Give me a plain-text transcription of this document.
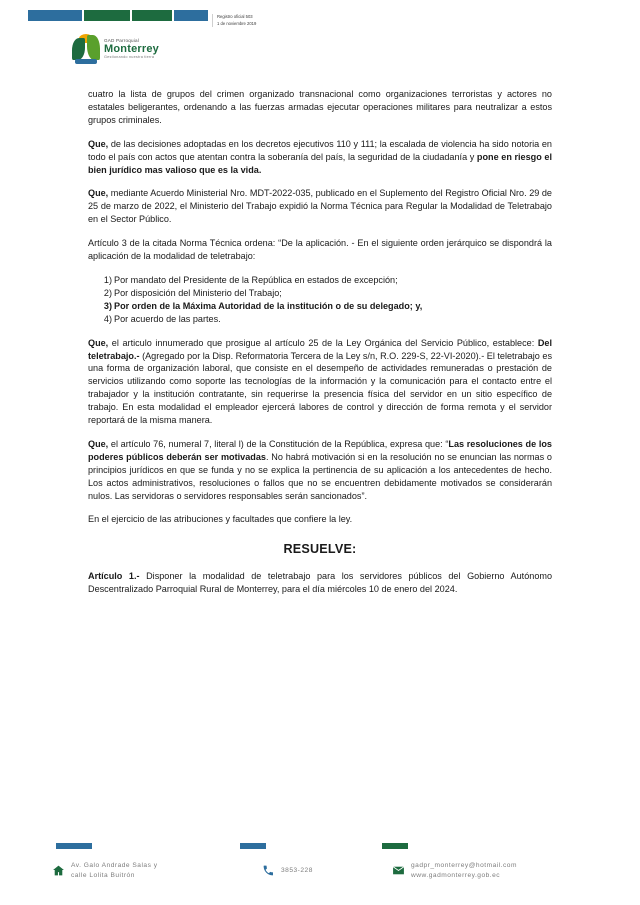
Registro oficial 503
1 de noviembre 2019
GAD Parroquial
Monterrey
Gestionando nuestra tierra

cuatro la lista de grupos del crimen organizado transnacional como organizaciones terroristas y actores no estatales beligerantes, ordenando a las fuerzas armadas ejecutar operaciones militares para neutralizar a estos grupos criminales.

Que, de las decisiones adoptadas en los decretos ejecutivos 110 y 111; la escalada de violencia ha sido notoria en todo el país con actos que atentan contra la soberanía del país, la seguridad de la ciudadanía y pone en riesgo el bien jurídico mas valioso que es la vida.

Que, mediante Acuerdo Ministerial Nro. MDT-2022-035, publicado en el Suplemento del Registro Oficial Nro. 29 de 25 de marzo de 2022, el Ministerio del Trabajo expidió la Norma Técnica para Regular la Modalidad de Teletrabajo en el Sector Público.

Artículo 3 de la citada Norma Técnica ordena: “De la aplicación. - En el siguiente orden jerárquico se dispondrá la aplicación de la modalidad de teletrabajo:

1) Por mandato del Presidente de la República en estados de excepción;
2) Por disposición del Ministerio del Trabajo;
3) Por orden de la Máxima Autoridad de la institución o de su delegado; y,
4) Por acuerdo de las partes.

Que, el articulo innumerado que prosigue al artículo 25 de la Ley Orgánica del Servicio Público, establece: Del teletrabajo.- (Agregado por la Disp. Reformatoria Tercera de la Ley s/n, R.O. 229-S, 22-VI-2020).- El teletrabajo es una forma de organización laboral, que consiste en el desempeño de actividades remuneradas o prestación de servicios utilizando como soporte las tecnologías de la información y la comunicación para el contacto entre el trabajador y la institución contratante, sin requerirse la presencia física del servidor en un sitio específico de trabajo. En esta modalidad el empleador ejercerá labores de control y dirección de forma remota y el servidor reportará de la misma manera.

Que, el artículo 76, numeral 7, literal l) de la Constitución de la República, expresa que: “Las resoluciones de los poderes públicos deberán ser motivadas. No habrá motivación si en la resolución no se enuncian las normas o principios jurídicos en que se funda y no se explica la pertinencia de su aplicación a los antecedentes de hecho. Los actos administrativos, resoluciones o fallos que no se encuentren debidamente motivados se considerarán nulos. Las servidoras o servidores responsables serán sancionados”.

En el ejercicio de las atribuciones y facultades que confiere la ley.

RESUELVE:

Artículo 1.- Disponer la modalidad de teletrabajo para los servidores públicos del Gobierno Autónomo Descentralizado Parroquial Rural de Monterrey, para el día miércoles 10 de enero del 2024.

Av. Galo Andrade Salas y
calle Lolita Buitrón
3853-228
gadpr_monterrey@hotmail.com
www.gadmonterrey.gob.ec
